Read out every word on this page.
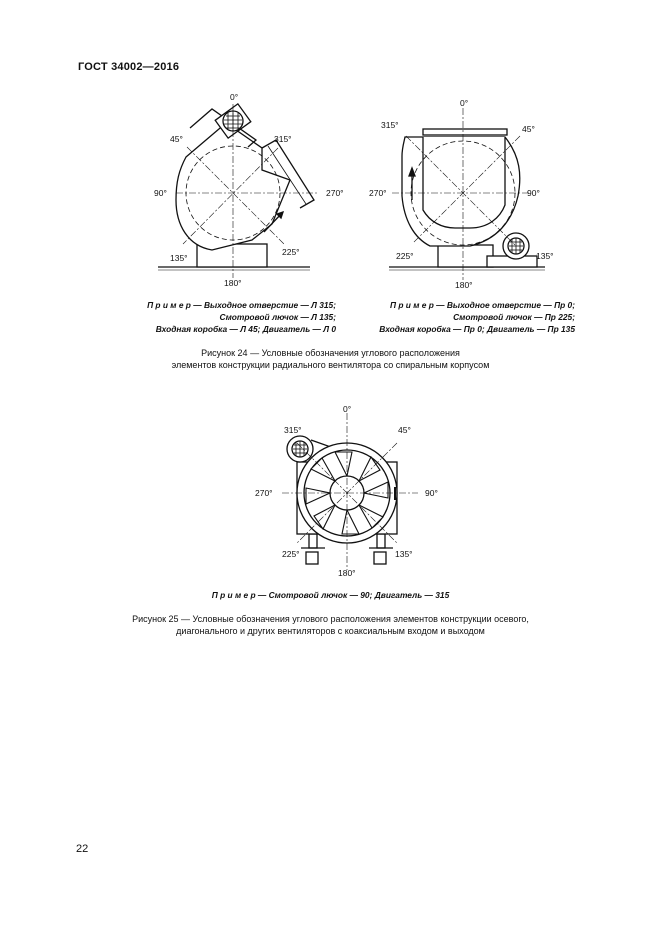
ГОСТ 34002—2016
0°
45°	315°
90°	270°
135°
225°
180°
0°
315°	45°
270°	90°
225°	135°
180°
П р и м е р — Выходное отверстие — Л 315;
Смотровой лючок — Л 135;
Входная коробка — Л 45; Двигатель — Л 0
П р и м е р — Выходное отверстие — Пр 0;
Смотровой лючок — Пр 225;
Входная коробка — Пр 0; Двигатель — Пр 135
Рисунок 24 — Условные обозначения углового расположения
элементов конструкции радиального вентилятора со спиральным корпусом
0°
315°	45°
270°	90°
225°	135°
180°
П р и м е р — Смотровой лючок — 90; Двигатель — 315
Рисунок 25 — Условные обозначения углового расположения элементов конструкции осевого,
диагонального и других вентиляторов с коаксиальным входом и выходом
22
